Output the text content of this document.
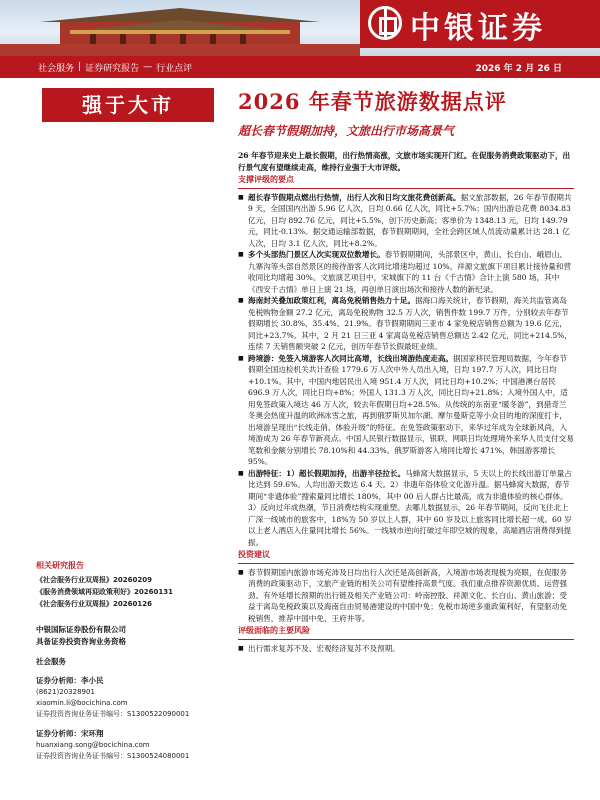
中银证券
社会服务 | 证券研究报告 — 行业点评	2026 年 2 月 26 日
强于大市	2026 年春节旅游数据点评
超长春节假期加持，文旅出行市场高景气
26 年春节迎来史上最长假期，出行热情高涨，文旅市场实现开门红。在促服务消费政策驱动下，出行景气度有望继续走高，维持行业强于大市评级。
支撑评级的要点
■ 超长春节假期点燃出行热情，出行人次和日均文旅花费创新高。据文旅部数据，26 年春节假期共 9 天，全国国内出游 5.96 亿人次，日均 0.66 亿人次，同比+5.7%；国内出游总花费 8034.83 亿元，日均 892.76 亿元，同比+5.5%，创下历史新高；客单价为 1348.13 元，日均 149.79 元，同比-0.13%。据交通运输部数据，春节假期期间，全社会跨区域人员流动量累计达 28.1 亿人次，日均 3.1 亿人次，同比+8.2%。
■ 多个头部热门景区人次实现双位数增长。春节假期期间，头部景区中，黄山、长白山、峨眉山、九寨沟等头部自然景区的接待游客人次同比增速均超过 10%。祥源文旅旗下项目累计接待量和营收同比均增超 30%。文旅演艺项目中，宋城旗下的 11 台《千古情》合计上演 580 场，其中《西安千古情》单日上演 21 场，再创单日演出场次和接待人数的新纪录。
■ 海南封关叠加政策红利，离岛免税销售热力十足。据海口海关统计，春节假期，海关共监管离岛免税购物金额 27.2 亿元，离岛免税购物 32.5 万人次，销售件数 199.7 万件，分别较去年春节假期增长 30.8%、35.4%、21.9%。春节假期期间三亚市 4 家免税店销售总额为 19.6 亿元，同比+23.7%。其中，2 月 21 日三亚 4 家离岛免税店销售总额达 2.42 亿元，同比+214.5%，连续 7 天销售额突破 2 亿元，创历年春节长假最旺业绩。
■ 跨境游：免签入境游客人次同比高增，长线出境游热度走高。据国家移民管理局数据，今年春节假期全国边检机关共计查验 1779.6 万人次中外人员出入境，日均 197.7 万人次，同比日均+10.1%。其中，中国内地居民出入境 951.4 万人次，同比日均+10.2%；中国港澳台居民 696.9 万人次，同比日均+8%；外国人 131.3 万人次，同比日均+21.8%；入境外国人中，适用免签政策入境达 46 万人次，较去年假期日均+28.5%。从传统的东南亚“暖冬游”，到猎奇兰冬奥会热度升温的欧洲冰雪之旅，再到俄罗斯贝加尔湖、摩尔曼斯克等小众目的地的深度打卡，出境游呈现出“长线走俏、体验升级”的特征。在免签政策驱动下，来华过年成为全球新风尚，入境游成为 26 年春节新亮点。中国人民银行数据显示，银联、网联日均处理境外来华人员支付交易笔数和金额分别增长 78.10%和 44.33%。俄罗斯游客入境同比增长 471%，韩国游客增长 95%。
■ 出游特征：1）超长假期加持，出游半径拉长。马蜂窝大数据显示，5 天以上的长线出游订单量占比达到 59.6%。人均出游天数达 6.4 天。2）非遗年俗体验文化游升温。据马蜂窝大数据，春节期间“非遗体验”搜索量同比增长 180%，其中 00 后人群占比最高，成为非遗体验的核心群体。3）反向过年成热潮，节日消费结构实现重塑。去哪儿数据显示，26 年春节期间，反向飞往北上广深一线城市的旅客中，18%为 50 岁以上人群，其中 60 岁及以上旅客同比增长超一成。60 岁以上老人酒店入住量同比增长 56%。一线城市逆向打破过年即空城的现象，高端酒店消费得到提振。
投资建议
■ 春节假期国内旅游市场充沛及日均出行人次还是高创新高，入境游市场表现极为亮眼，在促服务消费的政策驱动下，文旅产业链的相关公司有望维持高景气度。我们重点推荐资源优质、运营强劲、有外延增长预期的出行链及相关产业链公司：岭南控股、祥源文化、长白山、黄山旅游；受益于离岛免税政策以及海南自由贸易港建设的中国中免；免税市场逆多重政策利好，有望驱动免税销售，推荐中国中免、王府井等。
评级面临的主要风险
■ 出行需求复苏不及、宏观经济复苏不及预期。
相关研究报告
《社会服务行业双周报》20260209
《服务消费领域再迎政策利好》20260131
《社会服务行业双周报》20260126
中银国际证券股份有限公司
具备证券投资咨询业务资格
社会服务
证券分析师：李小民
(8621)20328901
xiaomin.li@bocichina.com
证券投资咨询业务证书编号：S1300522090001
证券分析师：宋环翔
huanxiang.song@bocichina.com
证券投资咨询业务证书编号：S1300524080001
